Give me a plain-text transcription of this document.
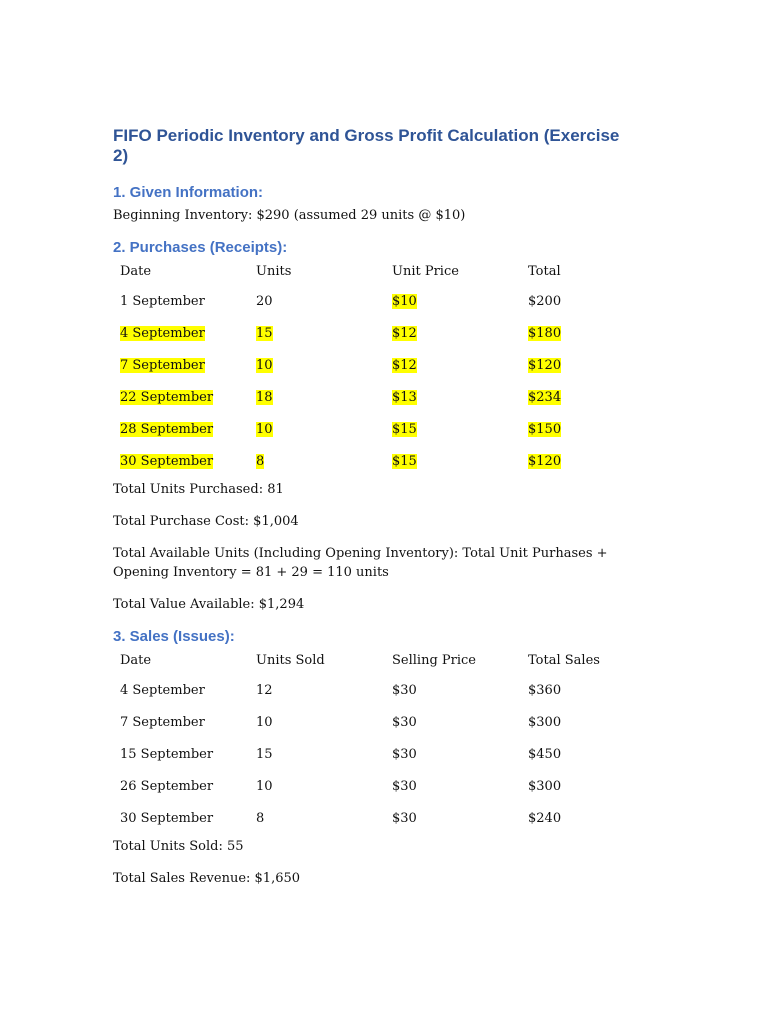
FIFO Periodic Inventory and Gross Profit Calculation (Exercise 2)
1. Given Information:

Beginning Inventory: $290 (assumed 29 units @ $10)

2. Purchases (Receipts):
Date	Units	Unit Price	Total
1 September	20	$10	$200
4 September	15	$12	$180
7 September	10	$12	$120
22 September	18	$13	$234
28 September	10	$15	$150
30 September	8	$15	$120

Total Units Purchased: 81

Total Purchase Cost: $1,004

Total Available Units (Including Opening Inventory): Total Unit Purhases + Opening Inventory = 81 + 29 = 110 units

Total Value Available: $1,294

3. Sales (Issues):
Date	Units Sold	Selling Price	Total Sales
4 September	12	$30	$360
7 September	10	$30	$300
15 September	15	$30	$450
26 September	10	$30	$300
30 September	8	$30	$240

Total Units Sold: 55

Total Sales Revenue: $1,650
